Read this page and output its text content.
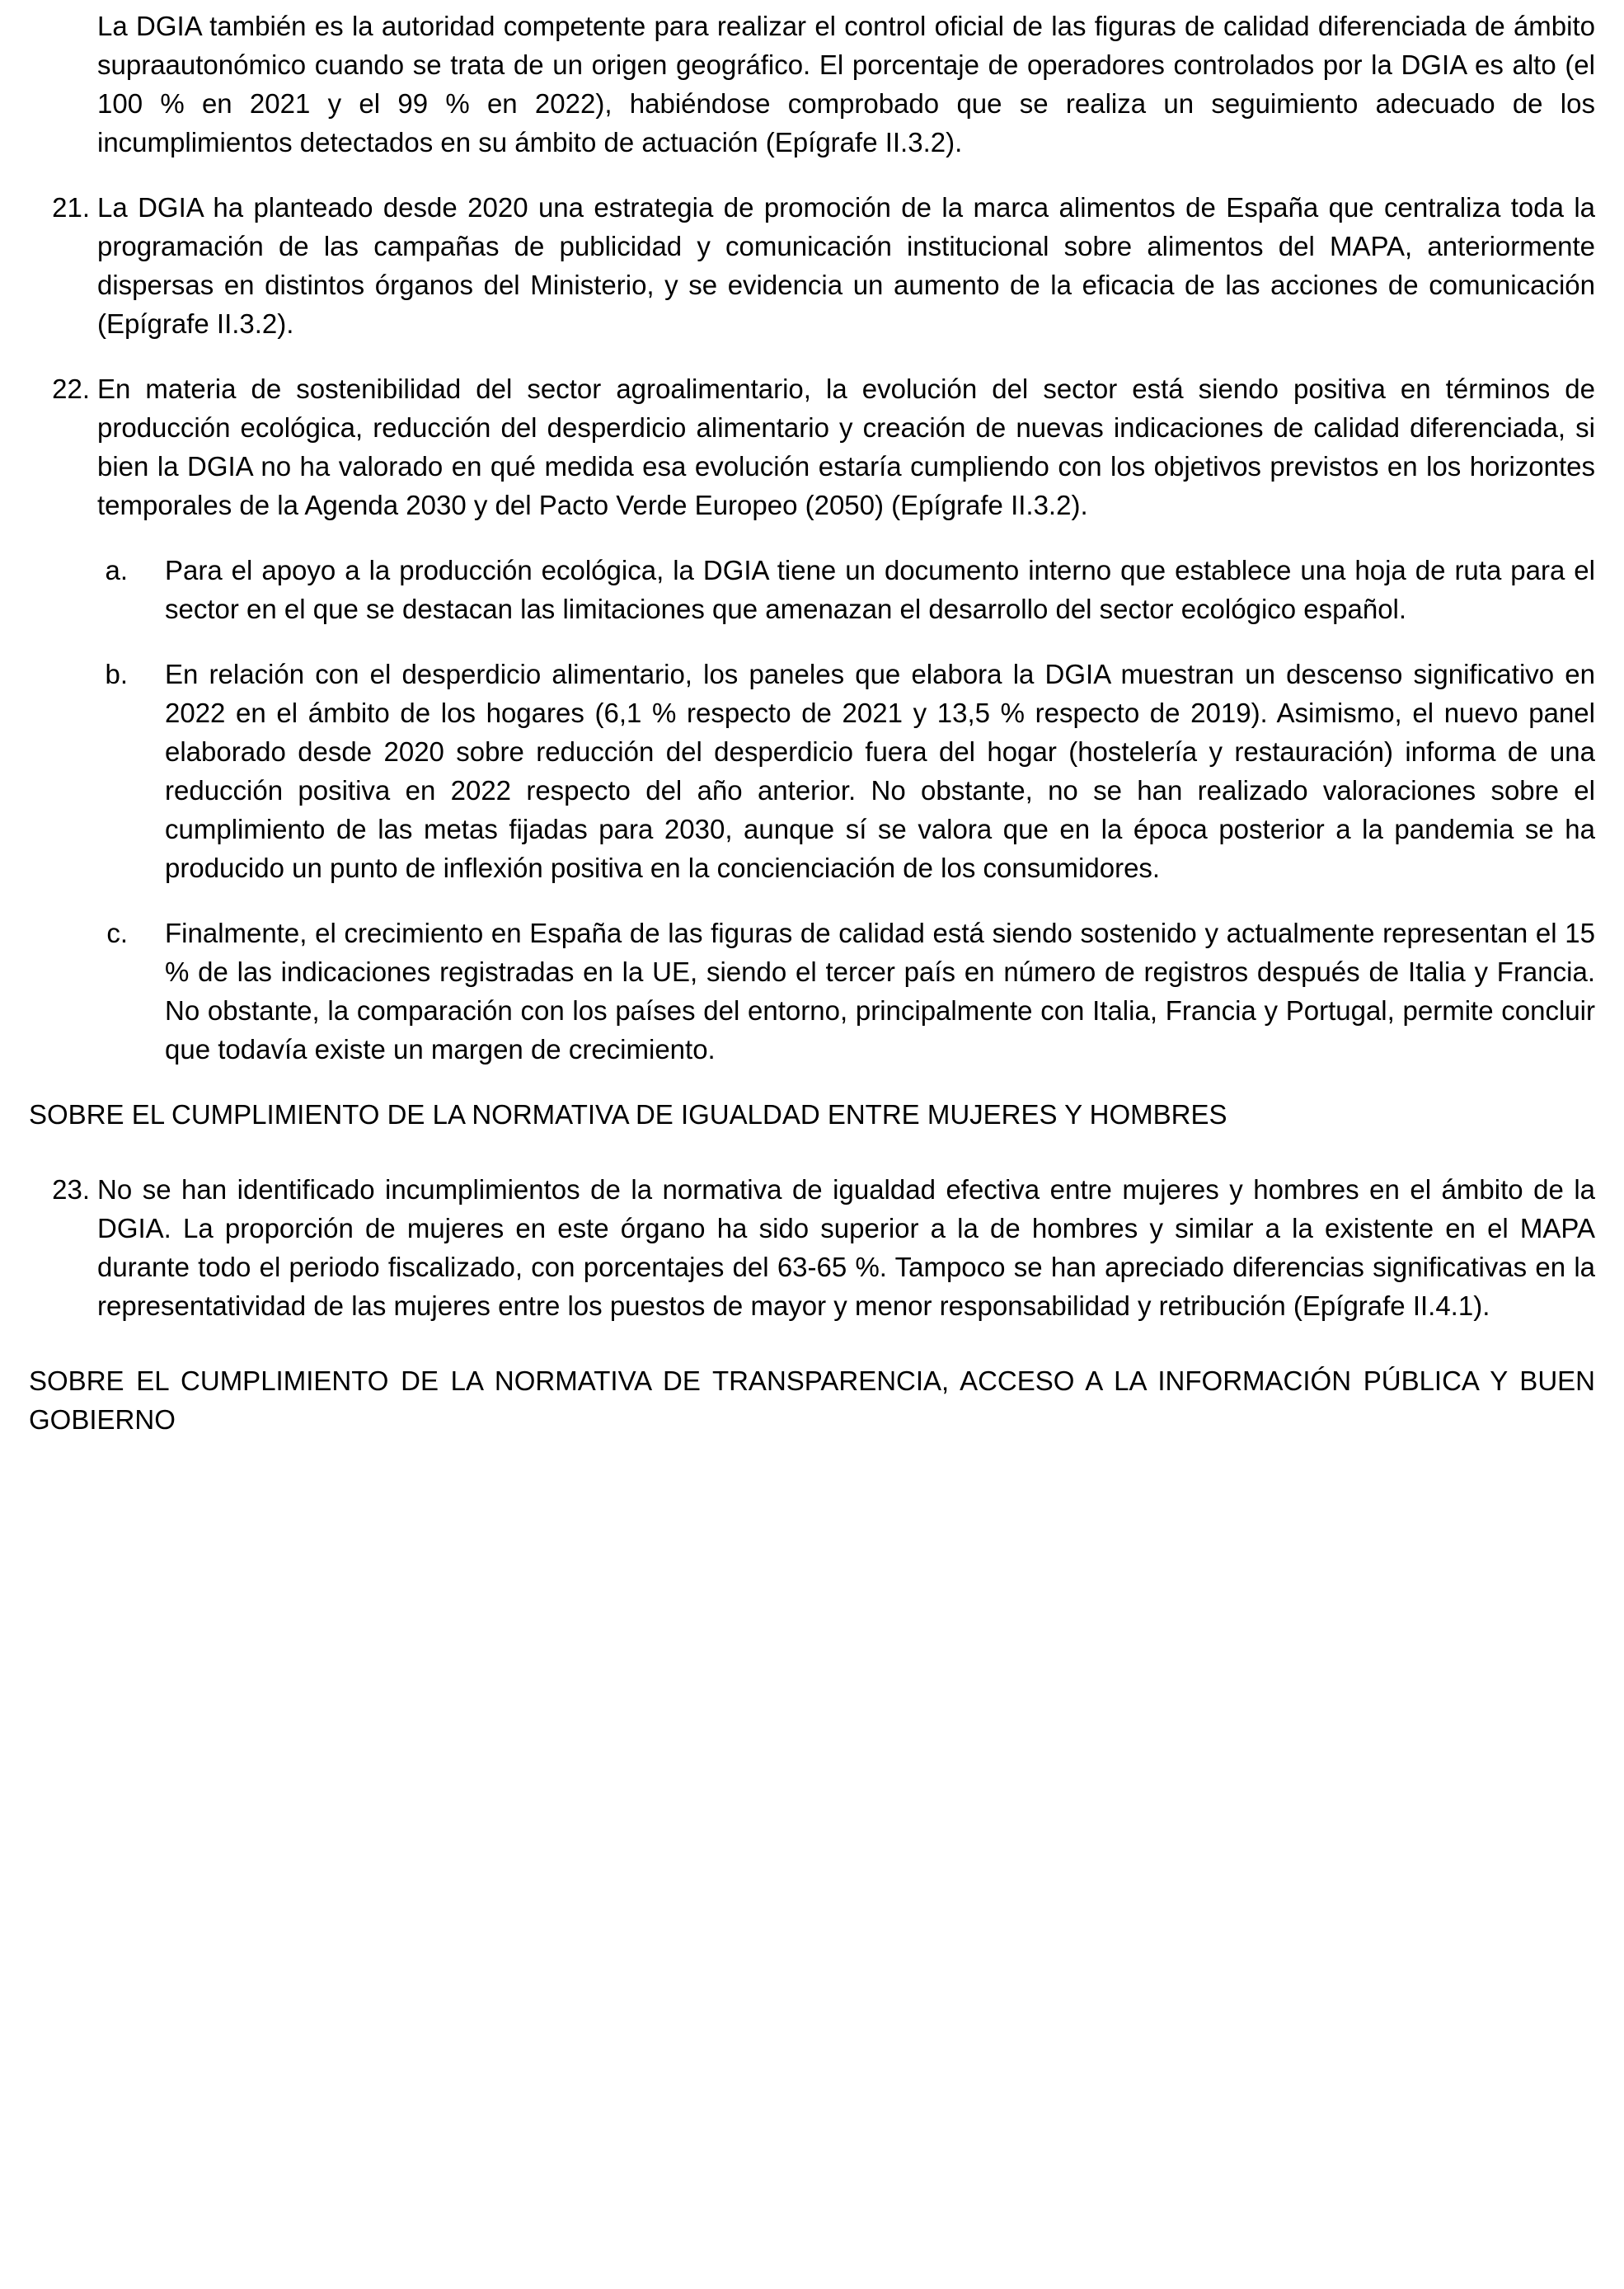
La DGIA también es la autoridad competente para realizar el control oficial de las figuras de calidad diferenciada de ámbito supraautonómico cuando se trata de un origen geográfico. El porcentaje de operadores controlados por la DGIA es alto (el 100 % en 2021 y el 99 % en 2022), habiéndose comprobado que se realiza un seguimiento adecuado de los incumplimientos detectados en su ámbito de actuación (Epígrafe II.3.2).
21. La DGIA ha planteado desde 2020 una estrategia de promoción de la marca alimentos de España que centraliza toda la programación de las campañas de publicidad y comunicación institucional sobre alimentos del MAPA, anteriormente dispersas en distintos órganos del Ministerio, y se evidencia un aumento de la eficacia de las acciones de comunicación (Epígrafe II.3.2).
22. En materia de sostenibilidad del sector agroalimentario, la evolución del sector está siendo positiva en términos de producción ecológica, reducción del desperdicio alimentario y creación de nuevas indicaciones de calidad diferenciada, si bien la DGIA no ha valorado en qué medida esa evolución estaría cumpliendo con los objetivos previstos en los horizontes temporales de la Agenda 2030 y del Pacto Verde Europeo (2050) (Epígrafe II.3.2).
a. Para el apoyo a la producción ecológica, la DGIA tiene un documento interno que establece una hoja de ruta para el sector en el que se destacan las limitaciones que amenazan el desarrollo del sector ecológico español.
b. En relación con el desperdicio alimentario, los paneles que elabora la DGIA muestran un descenso significativo en 2022 en el ámbito de los hogares (6,1 % respecto de 2021 y 13,5 % respecto de 2019). Asimismo, el nuevo panel elaborado desde 2020 sobre reducción del desperdicio fuera del hogar (hostelería y restauración) informa de una reducción positiva en 2022 respecto del año anterior. No obstante, no se han realizado valoraciones sobre el cumplimiento de las metas fijadas para 2030, aunque sí se valora que en la época posterior a la pandemia se ha producido un punto de inflexión positiva en la concienciación de los consumidores.
c. Finalmente, el crecimiento en España de las figuras de calidad está siendo sostenido y actualmente representan el 15 % de las indicaciones registradas en la UE, siendo el tercer país en número de registros después de Italia y Francia. No obstante, la comparación con los países del entorno, principalmente con Italia, Francia y Portugal, permite concluir que todavía existe un margen de crecimiento.
SOBRE EL CUMPLIMIENTO DE LA NORMATIVA DE IGUALDAD ENTRE MUJERES Y HOMBRES
23. No se han identificado incumplimientos de la normativa de igualdad efectiva entre mujeres y hombres en el ámbito de la DGIA. La proporción de mujeres en este órgano ha sido superior a la de hombres y similar a la existente en el MAPA durante todo el periodo fiscalizado, con porcentajes del 63-65 %. Tampoco se han apreciado diferencias significativas en la representatividad de las mujeres entre los puestos de mayor y menor responsabilidad y retribución (Epígrafe II.4.1).
SOBRE EL CUMPLIMIENTO DE LA NORMATIVA DE TRANSPARENCIA, ACCESO A LA INFORMACIÓN PÚBLICA Y BUEN GOBIERNO
